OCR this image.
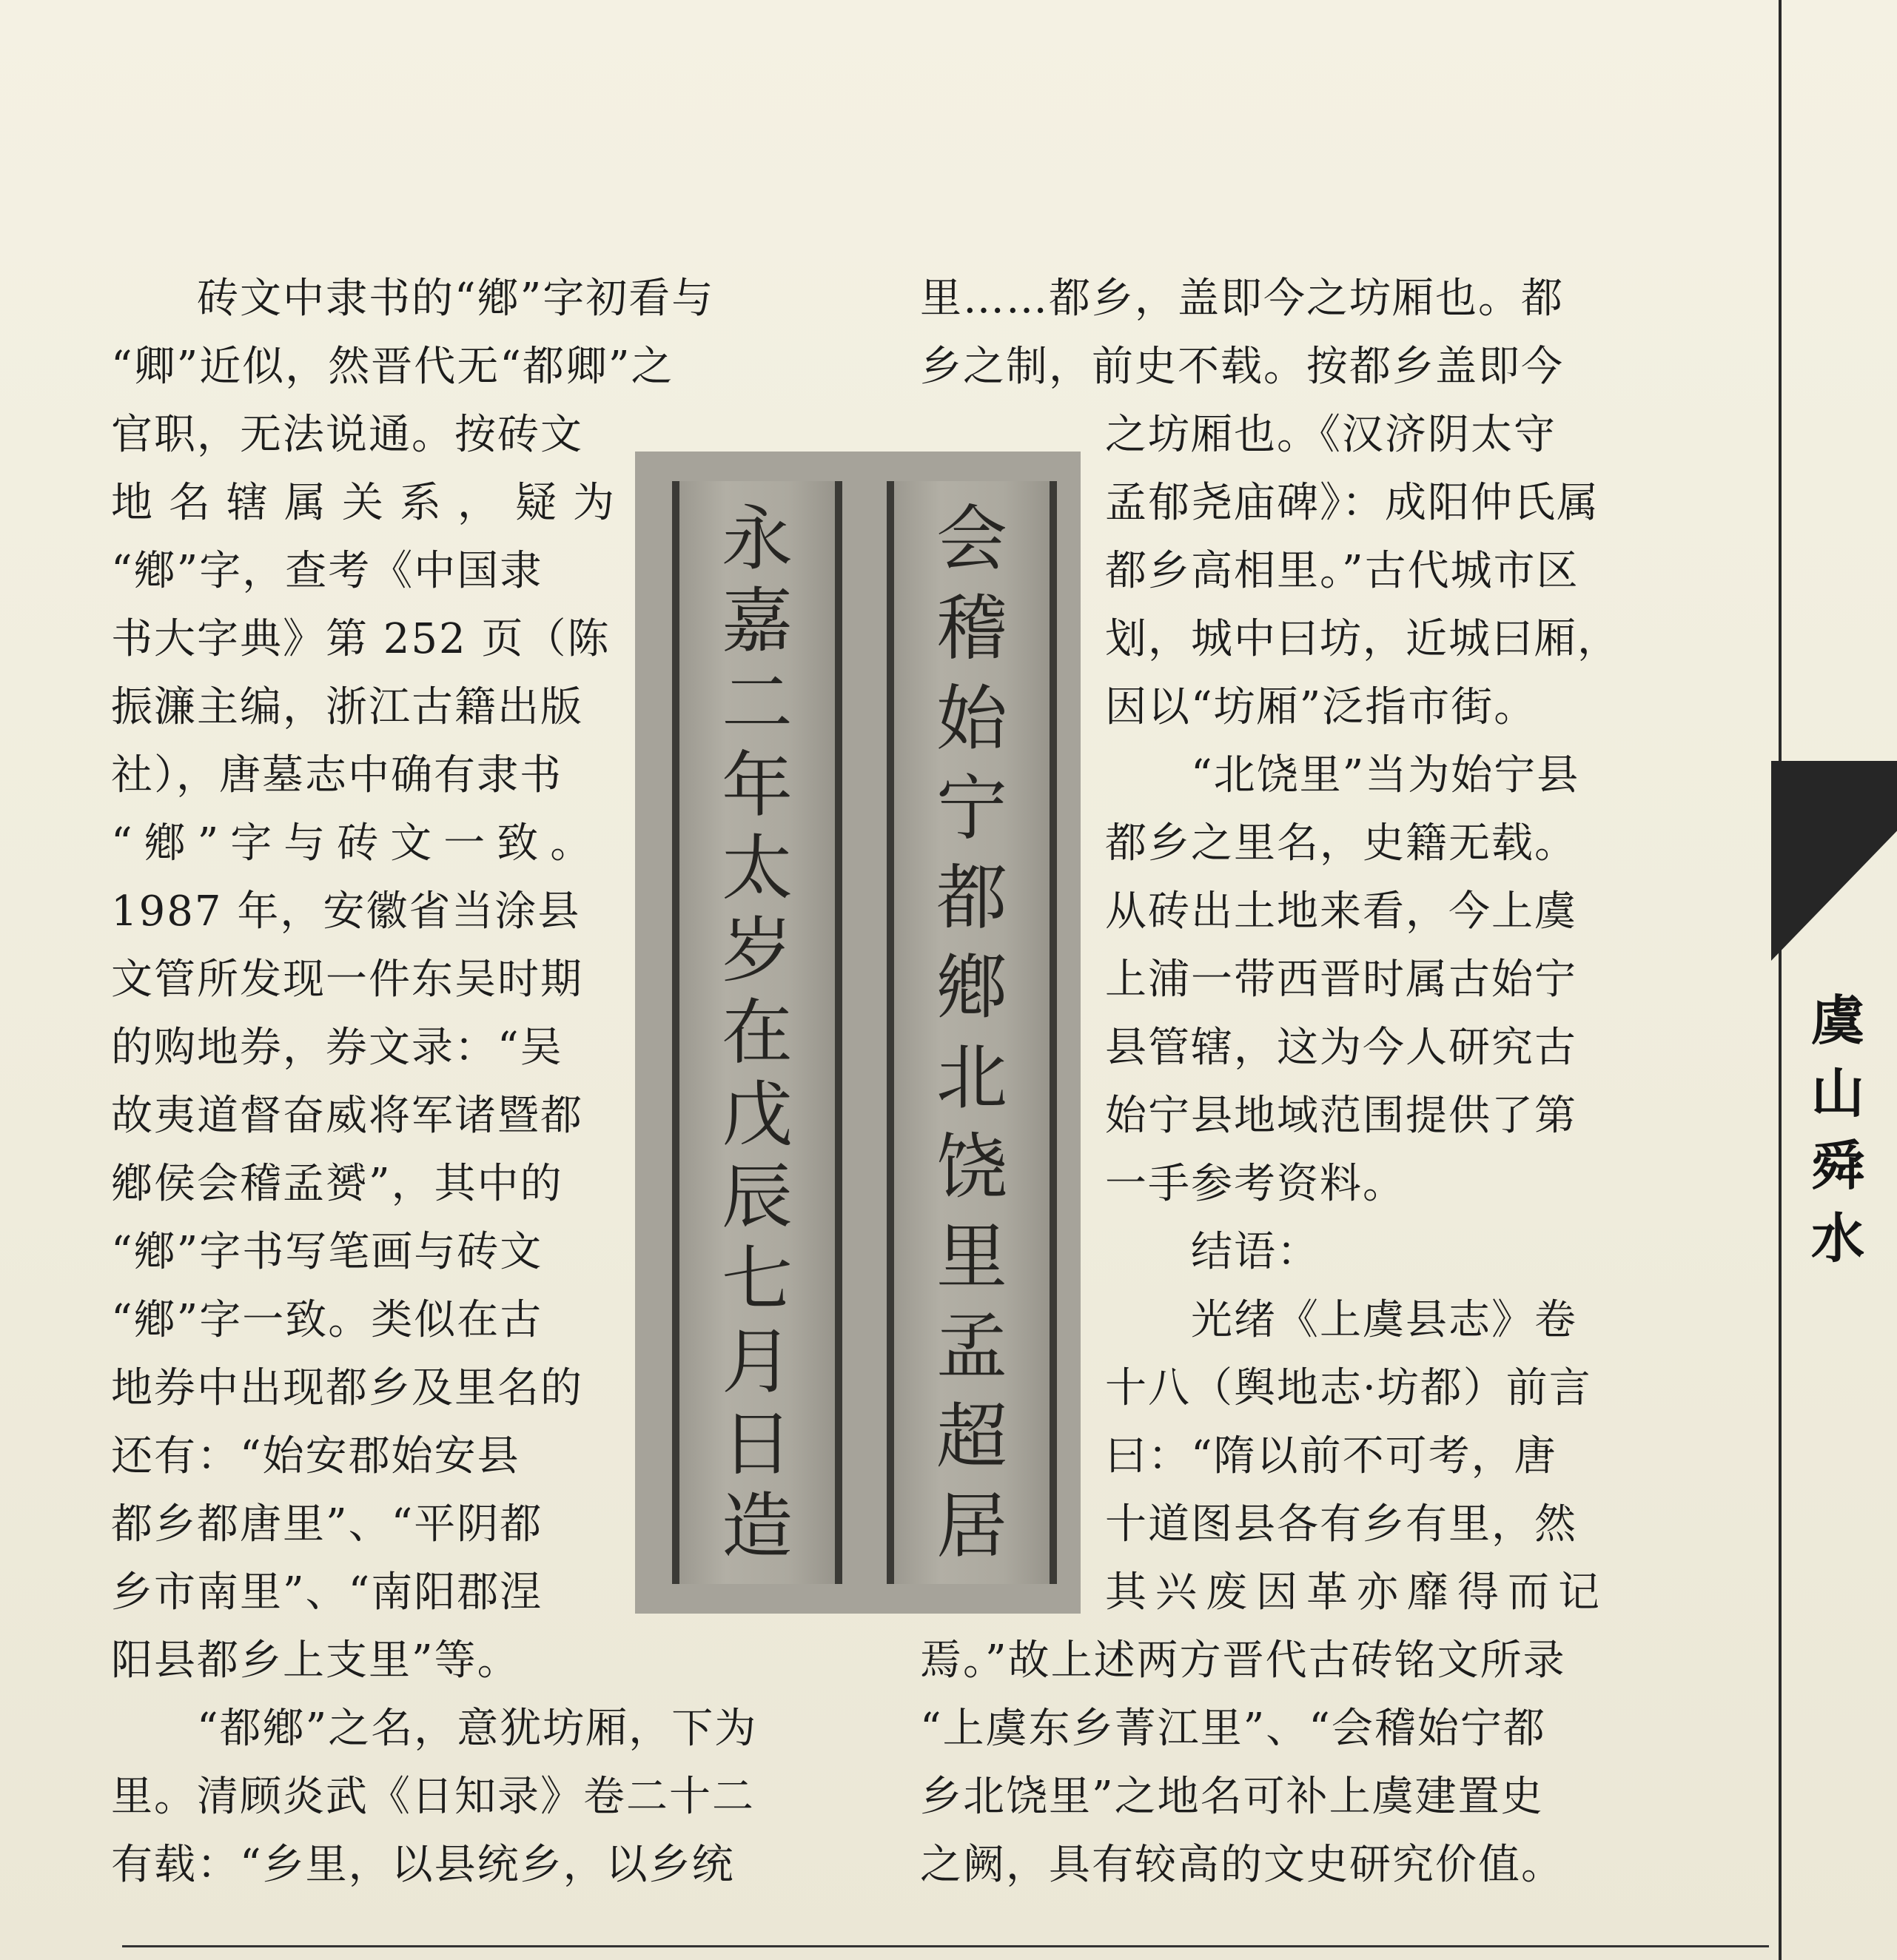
　　砖文中隶书的“鄕”字初看与
“卿”近似，然晋代无“都卿”之
官职，无法说通。按砖文
地名辖属关系，疑为
“鄕”字，查考《中国隶
书大字典》第 252 页（陈
振濂主编，浙江古籍出版
社），唐墓志中确有隶书
“鄕”字与砖文一致。
1987 年，安徽省当涂县
文管所发现一件东吴时期
的购地券，券文录：“吴
故夷道督奋威将军诸暨都
鄕侯会稽孟赟”，其中的
“鄕”字书写笔画与砖文
“鄕”字一致。类似在古
地券中出现都乡及里名的
还有：“始安郡始安县
都乡都唐里”、“平阴都
乡市南里”、“南阳郡涅
阳县都乡上支里”等。
　　“都鄕”之名，意犹坊厢，下为
里。清顾炎武《日知录》卷二十二
有载：“乡里，以县统乡，以乡统
永
嘉
二
年
太
岁
在
戊
辰
七
月
日
造
会
稽
始
宁
都
鄕
北
饶
里
孟
超
居
里……都乡，盖即今之坊厢也。都
乡之制，前史不载。按都乡盖即今
之坊厢也。《汉济阴太守
孟郁尧庙碑》：成阳仲氏属
都乡高相里。”古代城市区
划，城中曰坊，近城曰厢，
因以“坊厢”泛指市街。
　　“北饶里”当为始宁县
都乡之里名，史籍无载。
从砖出土地来看，今上虞
上浦一带西晋时属古始宁
县管辖，这为今人研究古
始宁县地域范围提供了第
一手参考资料。
　　结语：
　　光绪《上虞县志》卷
十八（舆地志·坊都）前言
曰：“隋以前不可考，唐
十道图县各有乡有里，然
其兴废因革亦靡得而记
焉。”故上述两方晋代古砖铭文所录
“上虞东乡菁江里”、“会稽始宁都
乡北饶里”之地名可补上虞建置史
之阙，具有较高的文史研究价值。
虞
山
舜
水
